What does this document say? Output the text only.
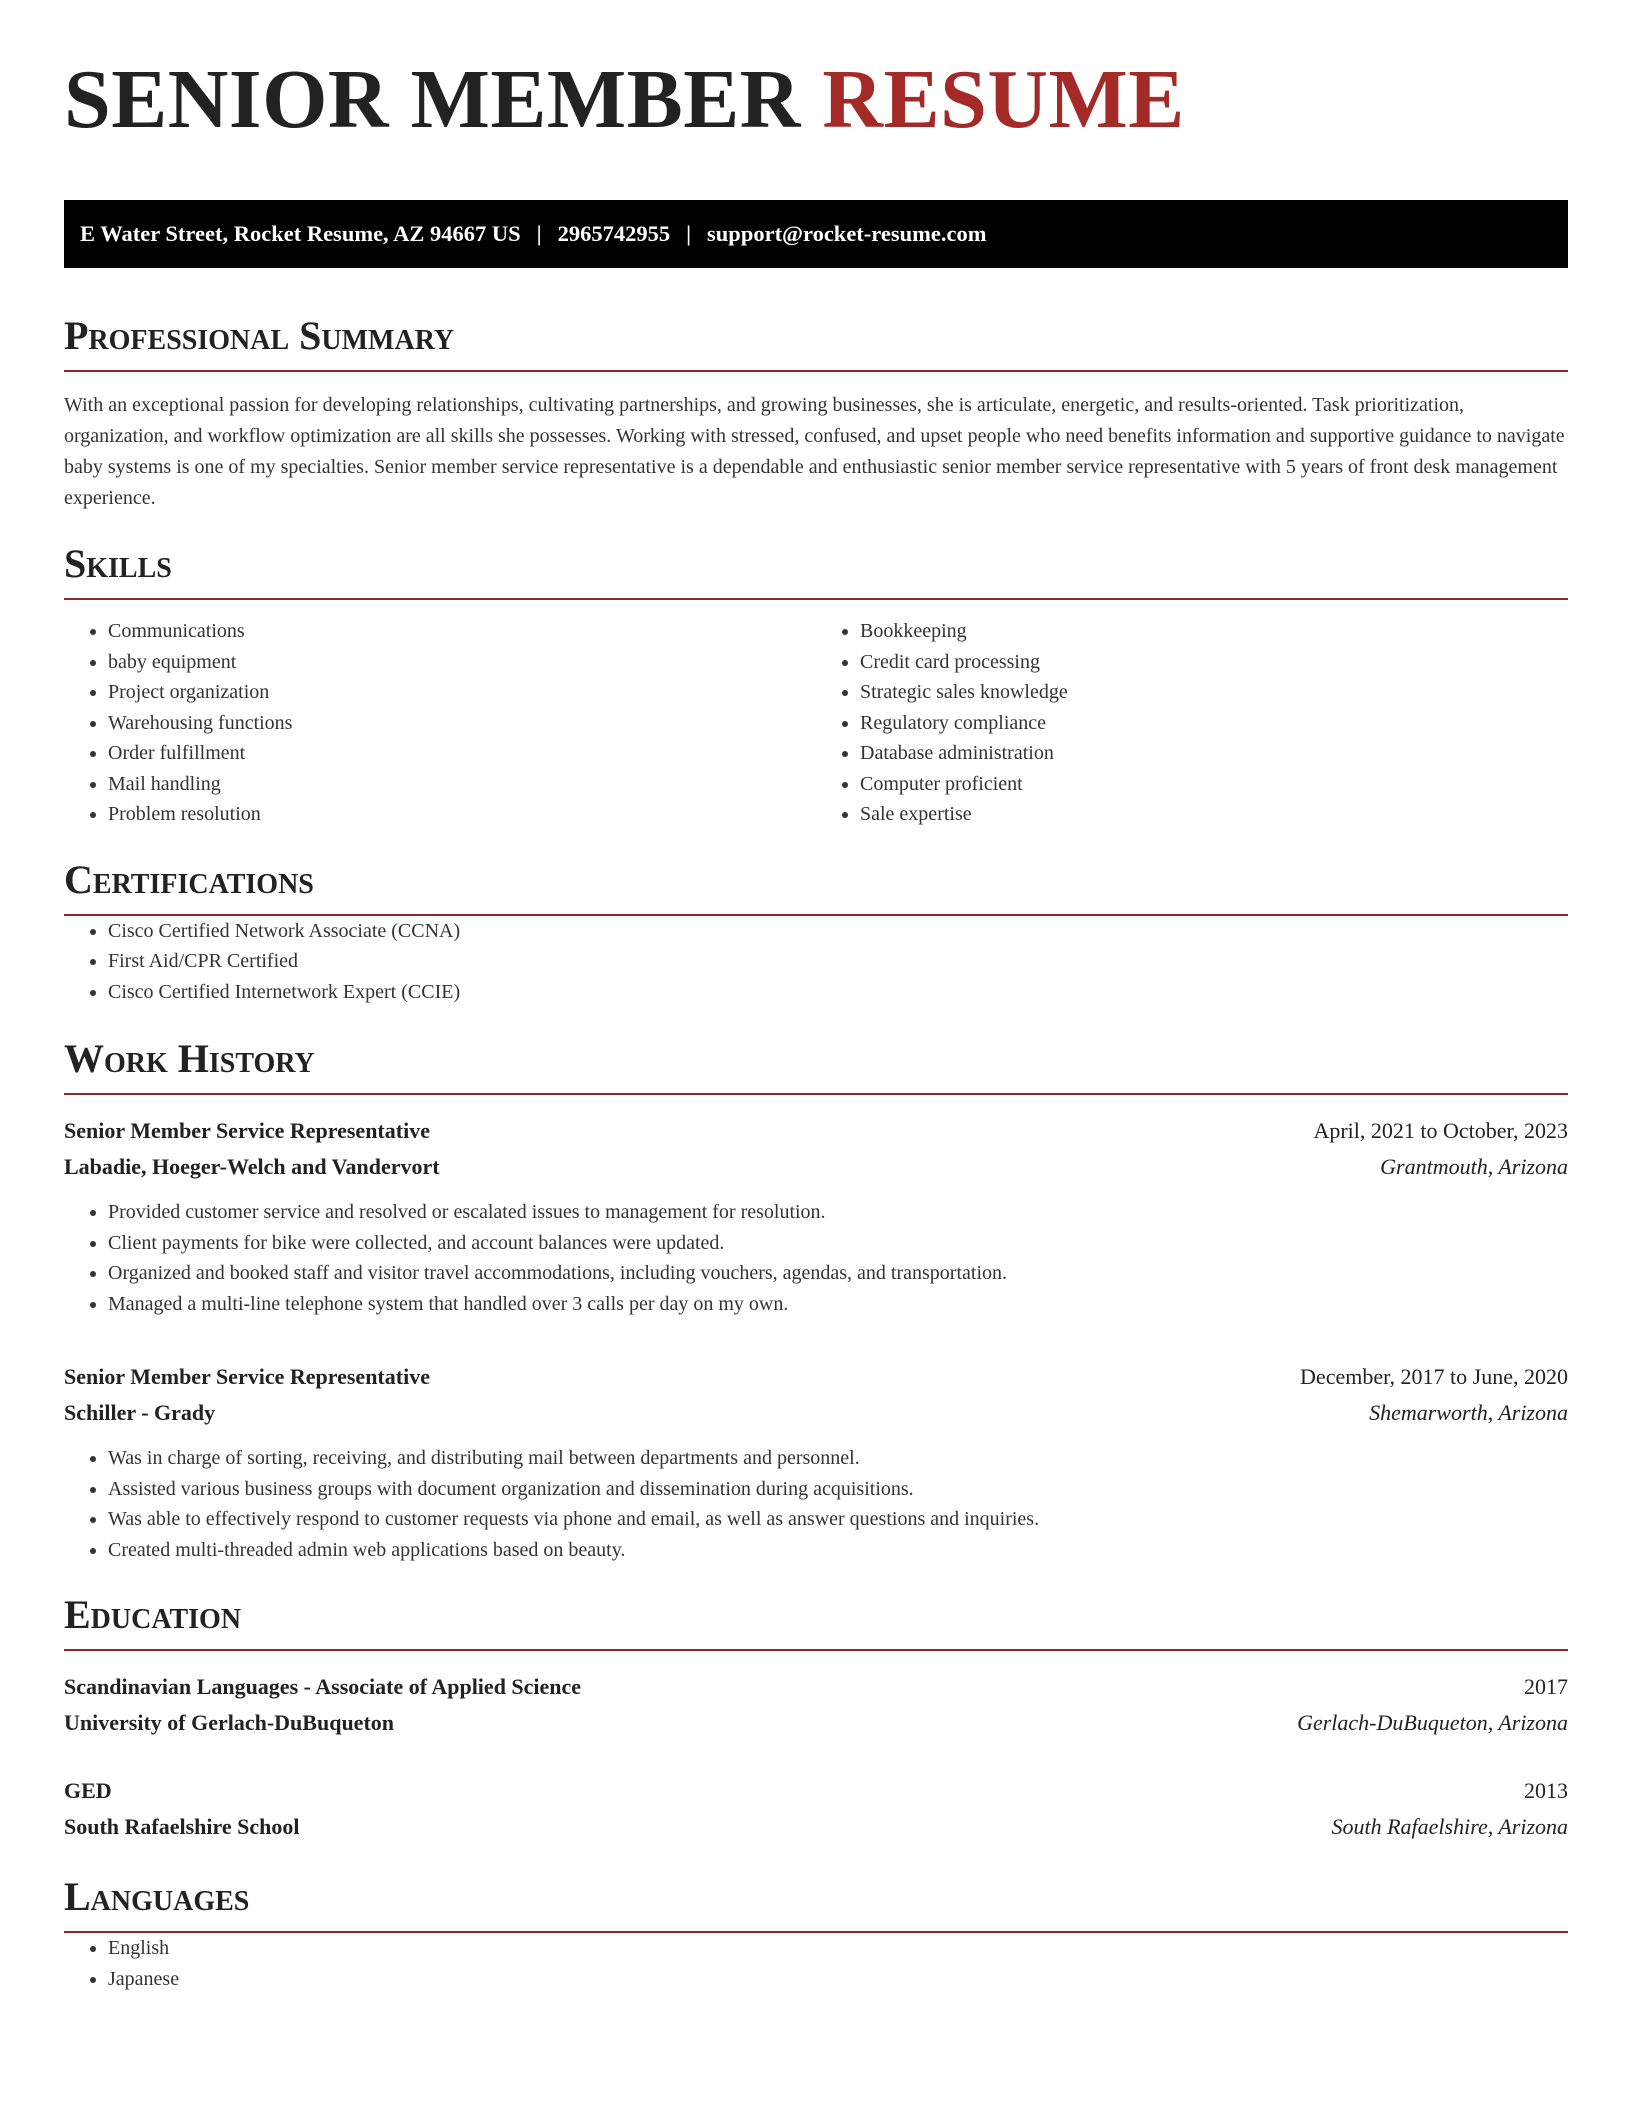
SENIOR MEMBER RESUME
E Water Street, Rocket Resume, AZ 94667 US | 2965742955 | support@rocket-resume.com
Professional Summary

With an exceptional passion for developing relationships, cultivating partnerships, and growing businesses, she is articulate, energetic, and results-oriented. Task prioritization, organization, and workflow optimization are all skills she possesses. Working with stressed, confused, and upset people who need benefits information and supportive guidance to navigate baby systems is one of my specialties. Senior member service representative is a dependable and enthusiastic senior member service representative with 5 years of front desk management experience.

Skills
• Communications
• baby equipment
• Project organization
• Warehousing functions
• Order fulfillment
• Mail handling
• Problem resolution
• Bookkeeping
• Credit card processing
• Strategic sales knowledge
• Regulatory compliance
• Database administration
• Computer proficient
• Sale expertise
Certifications
• Cisco Certified Network Associate (CCNA)
• First Aid/CPR Certified
• Cisco Certified Internetwork Expert (CCIE)
Work History
Senior Member Service Representative	April, 2021 to October, 2023
Labadie, Hoeger-Welch and Vandervort	Grantmouth, Arizona
• Provided customer service and resolved or escalated issues to management for resolution.
• Client payments for bike were collected, and account balances were updated.
• Organized and booked staff and visitor travel accommodations, including vouchers, agendas, and transportation.
• Managed a multi-line telephone system that handled over 3 calls per day on my own.
Senior Member Service Representative	December, 2017 to June, 2020
Schiller - Grady	Shemarworth, Arizona
• Was in charge of sorting, receiving, and distributing mail between departments and personnel.
• Assisted various business groups with document organization and dissemination during acquisitions.
• Was able to effectively respond to customer requests via phone and email, as well as answer questions and inquiries.
• Created multi-threaded admin web applications based on beauty.
Education
Scandinavian Languages - Associate of Applied Science	2017
University of Gerlach-DuBuqueton	Gerlach-DuBuqueton, Arizona
GED	2013
South Rafaelshire School	South Rafaelshire, Arizona
Languages
• English
• Japanese
